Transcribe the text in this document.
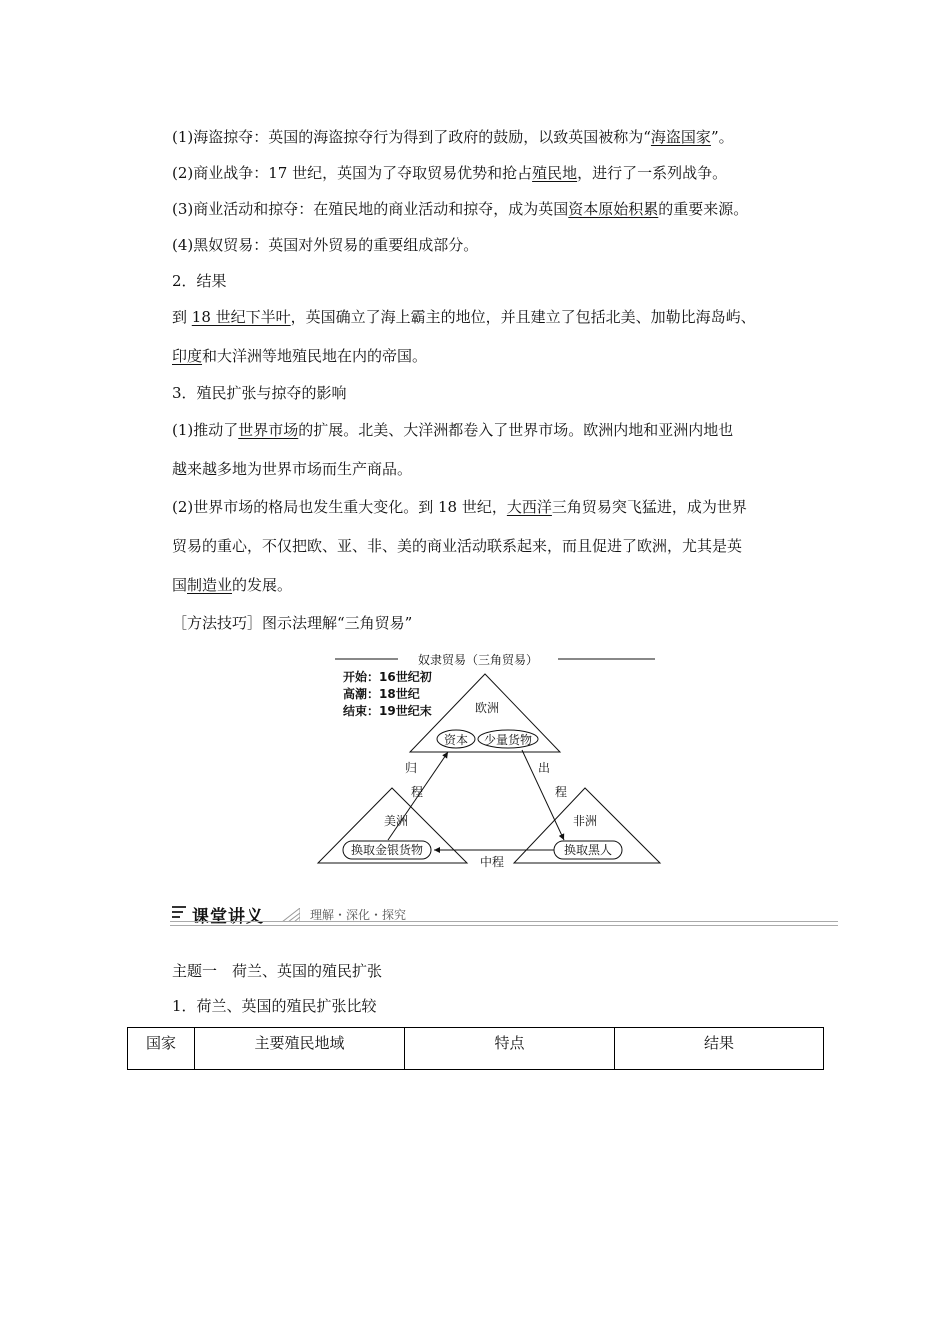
(1)海盗掠夺：英国的海盗掠夺行为得到了政府的鼓励，以致英国被称为“海盗国家”。
(2)商业战争：17 世纪，英国为了夺取贸易优势和抢占殖民地，进行了一系列战争。
(3)商业活动和掠夺：在殖民地的商业活动和掠夺，成为英国资本原始积累的重要来源。
(4)黑奴贸易：英国对外贸易的重要组成部分。
2．结果
到 18 世纪下半叶，英国确立了海上霸主的地位，并且建立了包括北美、加勒比海岛屿、
印度和大洋洲等地殖民地在内的帝国。
3．殖民扩张与掠夺的影响
(1)推动了世界市场的扩展。北美、大洋洲都卷入了世界市场。欧洲内地和亚洲内地也
越来越多地为世界市场而生产商品。
(2)世界市场的格局也发生重大变化。到 18 世纪，大西洋三角贸易突飞猛进，成为世界
贸易的重心，不仅把欧、亚、非、美的商业活动联系起来，而且促进了欧洲，尤其是英
国制造业的发展。
［方法技巧］图示法理解“三角贸易”
奴隶贸易（三角贸易）
开始：16世纪初
高潮：18世纪
结束：19世纪末	欧洲
资本 少量货物
美洲
换取金银货物
非洲
换取黑人
归
程
出
程
中程
课堂讲义	理解・深化・探究
主题一　荷兰、英国的殖民扩张
1．荷兰、英国的殖民扩张比较
国家	主要殖民地域	特点	结果
